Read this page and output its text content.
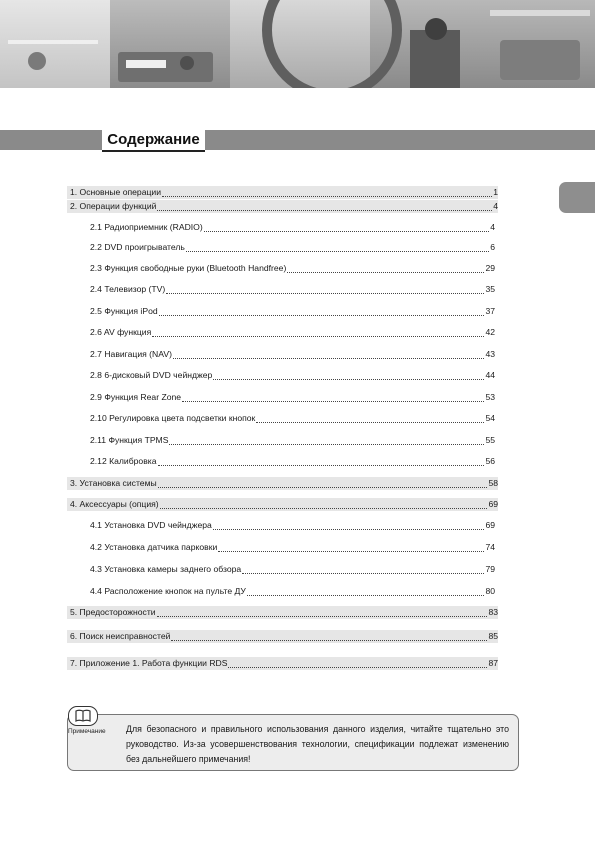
Содержание
1. Основные операции	1
2. Операции функций	4
2.1 Радиоприемник (RADIO)	4
2.2 DVD проигрыватель	6
2.3 Функция свободные руки (Bluetooth Handfree)	29
2.4 Телевизор (TV)	35
2.5 Функция iPod	37
2.6 AV функция	42
2.7 Навигация (NAV)	43
2.8 6-дисковый DVD чейнджер	44
2.9 Функция Rear Zone	53
2.10 Регулировка цвета подсветки кнопок	54
2.11 Функция TPMS	55
2.12 Калибровка	56
3. Установка системы	58
4. Аксессуары (опция)	69
4.1 Установка DVD чейнджера	69
4.2 Установка датчика парковки	74
4.3 Установка камеры заднего обзора	79
4.4 Расположение кнопок на пульте ДУ	80
5. Предосторожности	83
6. Поиск неисправностей	85
7. Приложение 1. Работа функции RDS	87
Примечание	Для безопасного и правильного использования данного изделия, читайте тщательно это руководство. Из-за усовершенствования технологии, спецификации подлежат изменению без дальнейшего примечания!
